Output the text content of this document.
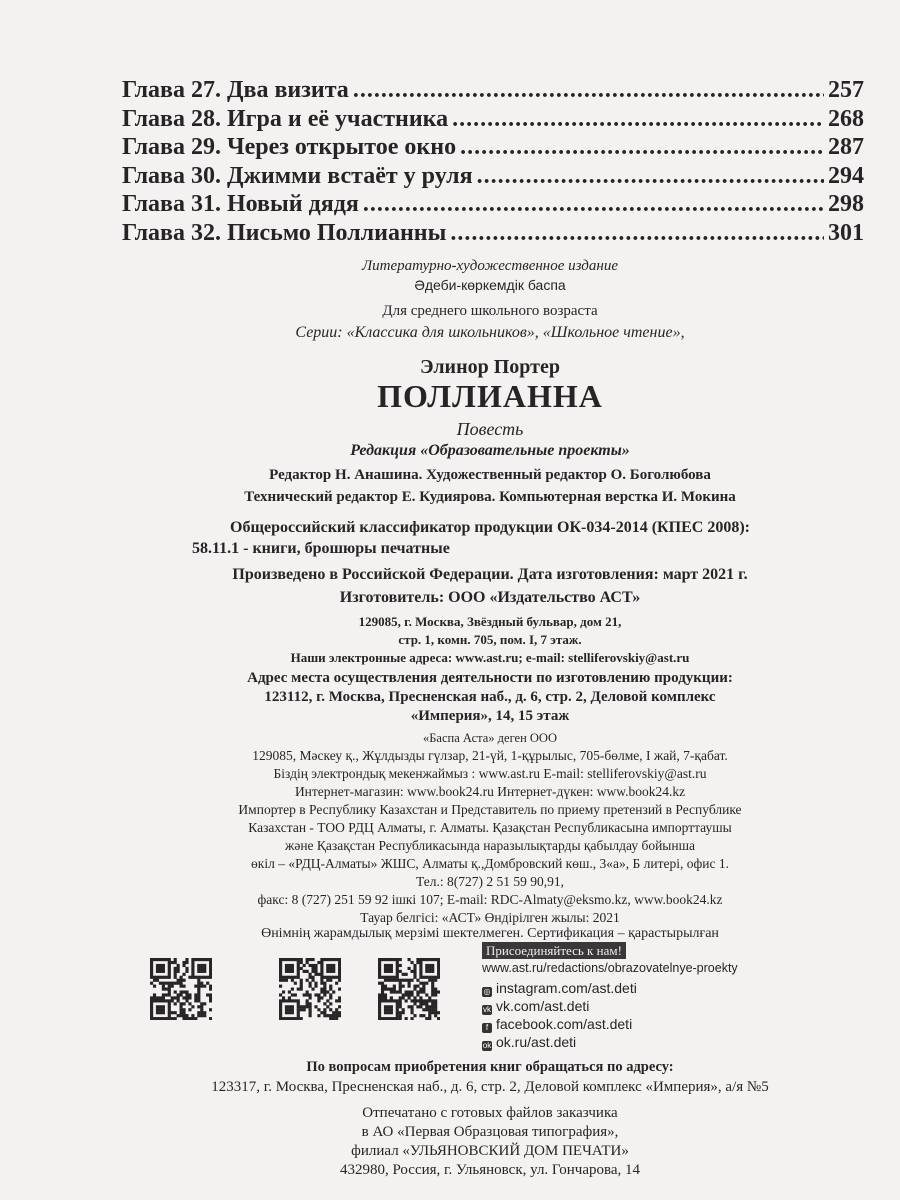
Глава 27. Два визита
.....	257
Глава 28. Игра и её участника
.....	268
Глава 29. Через открытое окно
.....	287
Глава 30. Джимми встаёт у руля
.....	294
Глава 31. Новый дядя
.....	298
Глава 32. Письмо Поллианны
.....	301
Литературно-художественное издание
Әдеби-көркемдік баспа
Для среднего школьного возраста
Серии: «Классика для школьников», «Школьное чтение»,
Элинор Портер
ПОЛЛИАННА
Повесть
Редакция «Образовательные проекты»
Редактор Н. Анашина. Художественный редактор О. Боголюбова
Технический редактор Е. Кудиярова. Компьютерная верстка И. Мокина
Общероссийский классификатор продукции ОК-034-2014 (КПЕС 2008):
58.11.1 - книги, брошюры печатные
Произведено в Российской Федерации. Дата изготовления: март 2021 г.
Изготовитель: ООО «Издательство АСТ»
129085, г. Москва, Звёздный бульвар, дом 21,
стр. 1, комн. 705, пом. I, 7 этаж.
Наши электронные адреса: www.ast.ru; e-mail: stelliferovskiy@ast.ru
Адрес места осуществления деятельности по изготовлению продукции:
123112, г. Москва, Пресненская наб., д. 6, стр. 2, Деловой комплекс
«Империя», 14, 15 этаж
«Баспа Аста» деген ООО
129085, Мәскеу қ., Жұлдызды гүлзар, 21-үй, 1-құрылыс, 705-бөлме, I жай, 7-қабат.
Біздің электрондық мекенжаймыз : www.ast.ru E-mail: stelliferovskiy@ast.ru
Интернет-магазин: www.book24.ru Интернет-дүкен: www.book24.kz
Импортер в Республику Казахстан и Представитель по приему претензий в Республике
Казахстан - ТОО РДЦ Алматы, г. Алматы. Қазақстан Республикасына импорттаушы
және Қазақстан Республикасында наразылықтарды қабылдау бойынша
өкіл – «РДЦ-Алматы» ЖШС, Алматы қ.,Домбровский көш., 3«а», Б литері, офис 1.
Тел.: 8(727) 2 51 59 90,91,
факс: 8 (727) 251 59 92 ішкі 107; E-mail: RDC-Almaty@eksmo.kz, www.book24.kz
Тауар белгісі: «АСТ» Өндірілген жылы: 2021
Өнімнің жарамдылық мерзімі шектелмеген. Сертификация – қарастырылған
Присоединяйтесь к нам!
www.ast.ru/redactions/obrazovatelnye-proekty
◎ instagram.com/ast.deti
vk vk.com/ast.deti
f facebook.com/ast.deti
ok ok.ru/ast.deti
По вопросам приобретения книг обращаться по адресу:
123317, г. Москва, Пресненская наб., д. 6, стр. 2, Деловой комплекс «Империя», а/я №5
Отпечатано с готовых файлов заказчика
в АО «Первая Образцовая типография»,
филиал «УЛЬЯНОВСКИЙ ДОМ ПЕЧАТИ»
432980, Россия, г. Ульяновск, ул. Гончарова, 14
